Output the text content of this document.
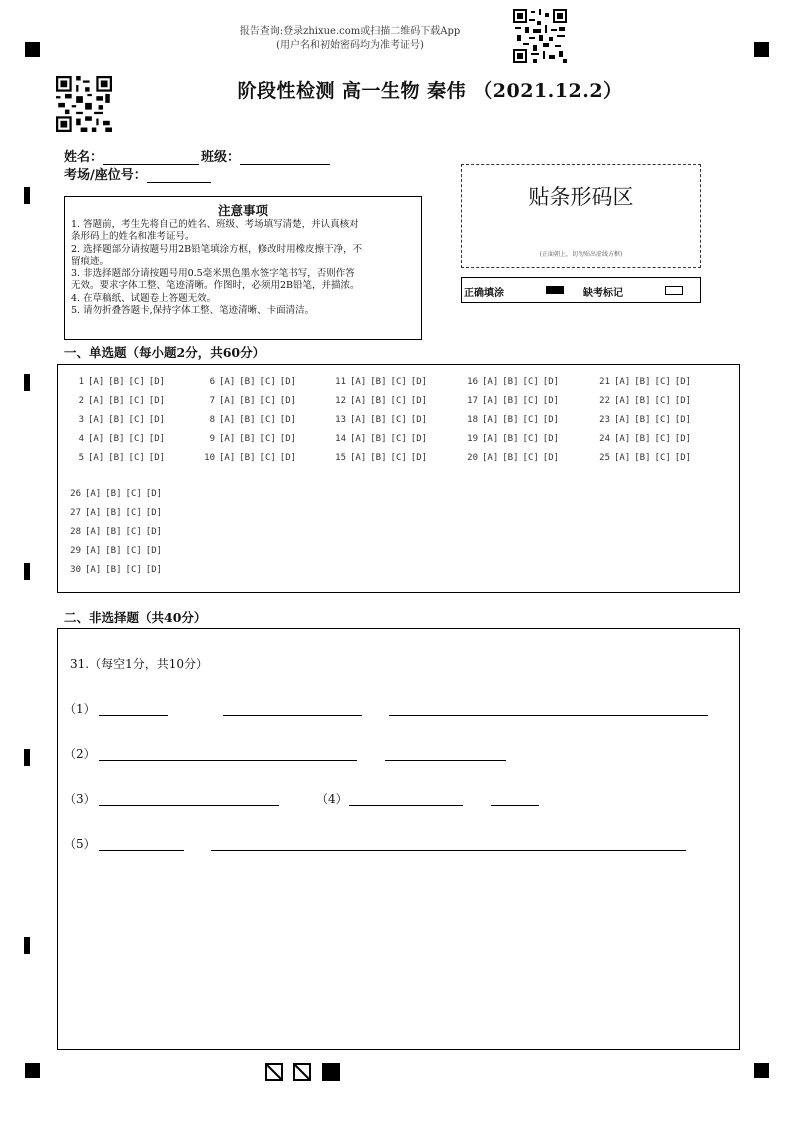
报告查询:登录zhixue.com或扫描二维码下载App
(用户名和初始密码均为准考证号)
阶段性检测 高一生物 秦伟 （2021.12.2）
姓名：	班级：
考场/座位号：
注意事项
1. 答题前，考生先将自己的姓名、班级、考场填写清楚，并认真核对
条形码上的姓名和准考证号。
2. 选择题部分请按题号用2B铅笔填涂方框，修改时用橡皮擦干净，不
留痕迹。
3. 非选择题部分请按题号用0.5毫米黑色墨水签字笔书写，否则作答
无效。要求字体工整、笔迹清晰。作图时，必须用2B铅笔，并描浓。
4. 在草稿纸、试题卷上答题无效。
5. 请勿折叠答题卡,保持字体工整、笔迹清晰、卡面清洁。
贴条形码区
(正面朝上，切勿贴出虚线方框)
正确填涂	缺考标记
一、单选题（每小题2分，共60分）
1 [A] [B] [C] [D]
2 [A] [B] [C] [D]
3 [A] [B] [C] [D]
4 [A] [B] [C] [D]
5 [A] [B] [C] [D]
6 [A] [B] [C] [D]
7 [A] [B] [C] [D]
8 [A] [B] [C] [D]
9 [A] [B] [C] [D]
10 [A] [B] [C] [D]
11 [A] [B] [C] [D]
12 [A] [B] [C] [D]
13 [A] [B] [C] [D]
14 [A] [B] [C] [D]
15 [A] [B] [C] [D]
16 [A] [B] [C] [D]
17 [A] [B] [C] [D]
18 [A] [B] [C] [D]
19 [A] [B] [C] [D]
20 [A] [B] [C] [D]
21 [A] [B] [C] [D]
22 [A] [B] [C] [D]
23 [A] [B] [C] [D]
24 [A] [B] [C] [D]
25 [A] [B] [C] [D]
26 [A] [B] [C] [D]
27 [A] [B] [C] [D]
28 [A] [B] [C] [D]
29 [A] [B] [C] [D]
30 [A] [B] [C] [D]
二、非选择题（共40分）
31.（每空1分，共10分）
（1）
（2）
（3）	（4）
（5）
